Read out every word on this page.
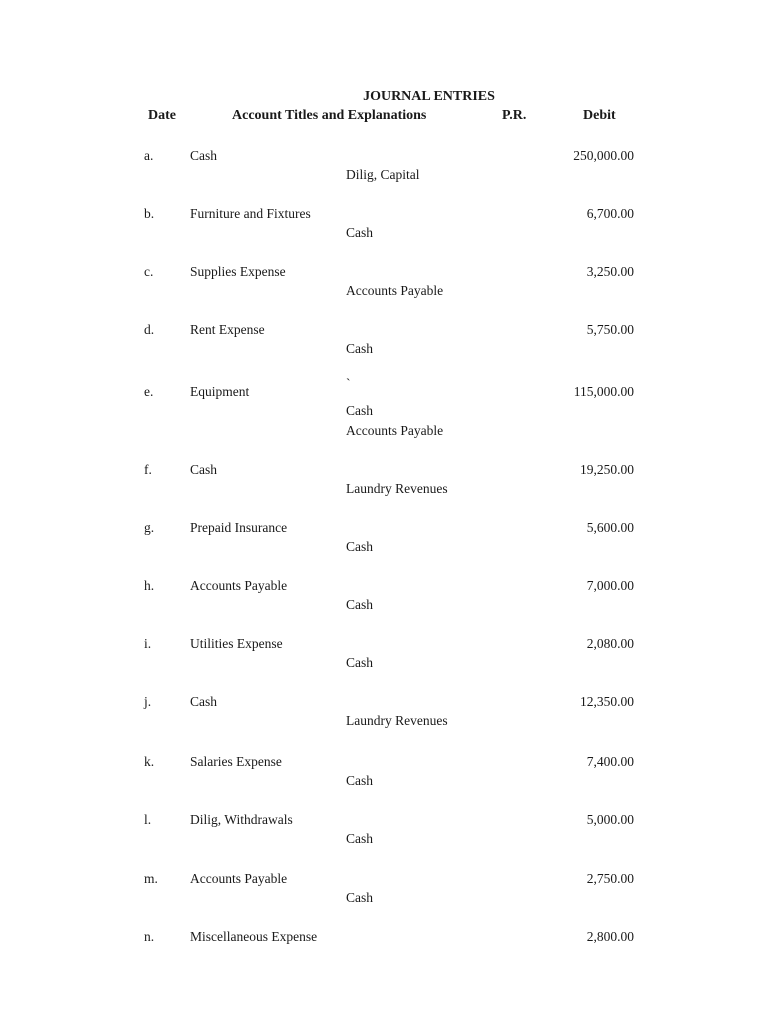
JOURNAL ENTRIES
Date	Account Titles and Explanations	P.R.	Debit
a.	Cash	250,000.00
Dilig, Capital
b.	Furniture and Fixtures	6,700.00
Cash
c.	Supplies Expense	3,250.00
Accounts Payable
d.	Rent Expense	5,750.00
Cash
e.	Equipment	115,000.00
`
Cash
Accounts Payable
f.	Cash	19,250.00
Laundry Revenues
g.	Prepaid Insurance	5,600.00
Cash
h.	Accounts Payable	7,000.00
Cash
i.	Utilities Expense	2,080.00
Cash
j.	Cash	12,350.00
Laundry Revenues
k.	Salaries Expense	7,400.00
Cash
l.	Dilig, Withdrawals	5,000.00
Cash
m. Accounts Payable	2,750.00
Cash
n.	Miscellaneous Expense	2,800.00
